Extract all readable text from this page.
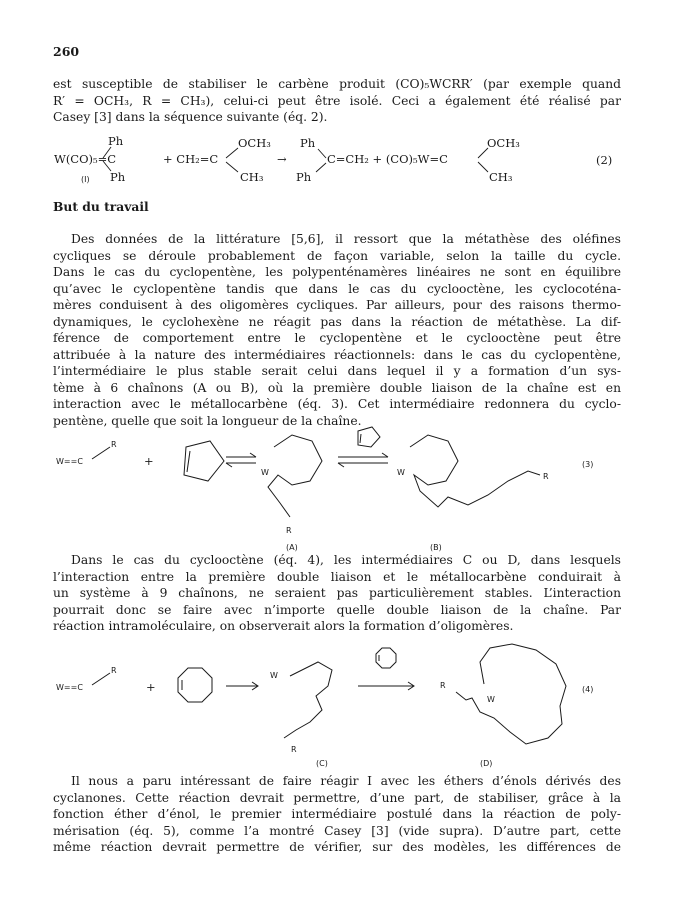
260
est susceptible de stabiliser le carbène produit (CO)₅WCRR′ (par exemple quand
R′ = OCH₃, R = CH₃), celui-ci peut être isolé. Ceci a également été réalisé par
Casey [3] dans la séquence suivante (éq. 2).
Ph
W(CO)₅=C
Ph
(I)
+ CH₂=C
OCH₃
CH₃
→
Ph
Ph
C=CH₂ + (CO)₅W=C
OCH₃
CH₃
(2)
But du travail
Des données de la littérature [5,6], il ressort que la métathèse des oléfines
cycliques se déroule probablement de façon variable, selon la taille du cycle.
Dans le cas du cyclopentène, les polypenténamères linéaires ne sont en équilibre
qu’avec le cyclopentène tandis que dans le cas du cyclooctène, les cyclocoténa-
mères conduisent à des oligomères cycliques. Par ailleurs, pour des raisons thermo-
dynamiques, le cyclohexène ne réagit pas dans la réaction de métathèse. La dif-
férence de comportement entre le cyclopentène et le cyclooctène peut être
attribuée à la nature des intermédiaires réactionnels: dans le cas du cyclopentène,
l’intermédiaire le plus stable serait celui dans lequel il y a formation d’un sys-
tème à 6 chaînons (A ou B), où la première double liaison de la chaîne est en
interaction avec le métallocarbène (éq. 3). Cet intermédiaire redonnera du cyclo-
pentène, quelle que soit la longueur de la chaîne.
W==C
R
+
W
R
(A)
W	R
(B)
(3)
Dans le cas du cyclooctène (éq. 4), les intermédiaires C ou D, dans lesquels
l’interaction entre la première double liaison et le métallocarbène conduirait à
un système à 9 chaînons, ne seraient pas particulièrement stables. L’interaction
pourrait donc se faire avec n’importe quelle double liaison de la chaîne. Par
réaction intramoléculaire, on observerait alors la formation d’oligomères.
W==C
R
+
W
R
(C)
R
W
(D)
(4)
Il nous a paru intéressant de faire réagir I avec les éthers d’énols dérivés des
cyclanones. Cette réaction devrait permettre, d’une part, de stabiliser, grâce à la
fonction éther d’énol, le premier intermédiaire postulé dans la réaction de poly-
mérisation (éq. 5), comme l’a montré Casey [3] (vide supra). D’autre part, cette
même réaction devrait permettre de vérifier, sur des modèles, les différences de
